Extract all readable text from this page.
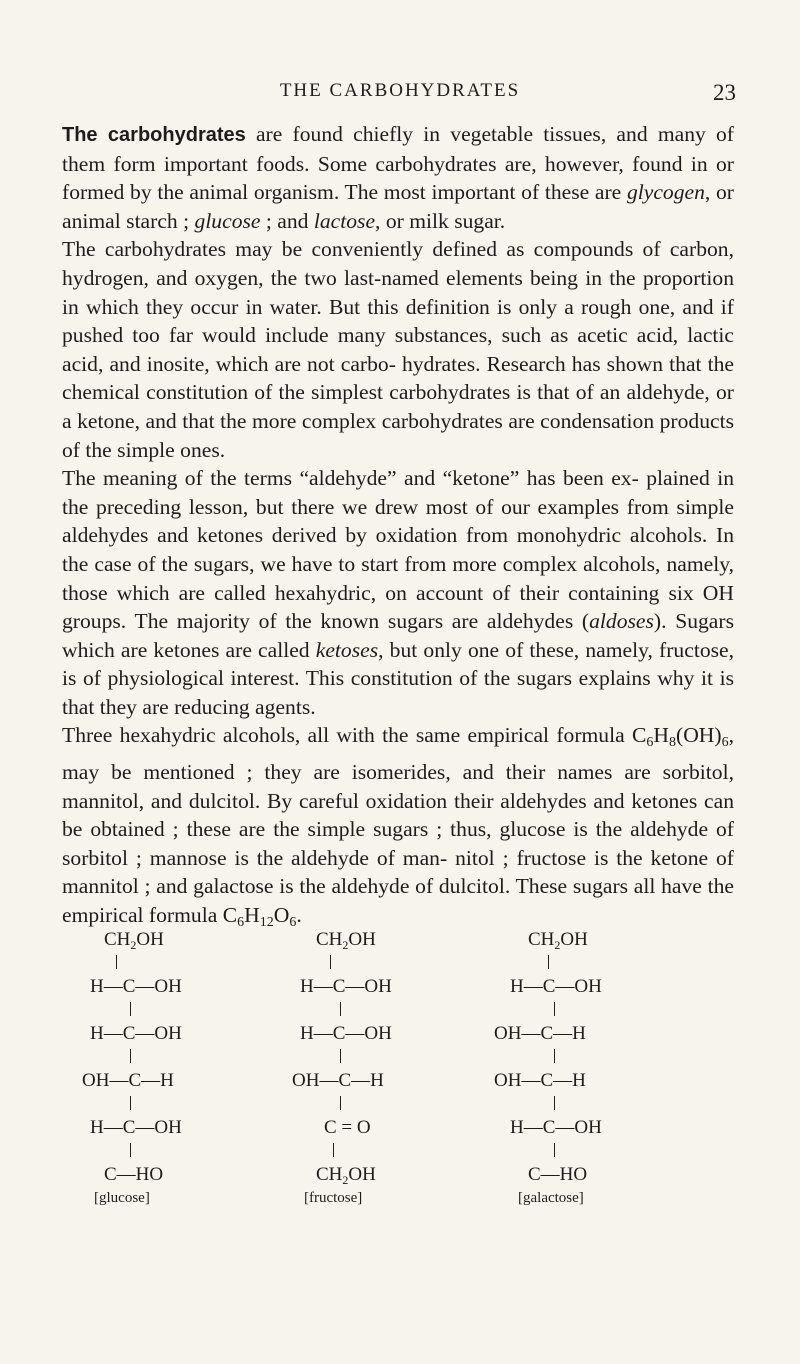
THE CARBOHYDRATES	23

The carbohydrates are found chiefly in vegetable tissues, and many of them form important foods. Some carbohydrates are, however, found in or formed by the animal organism. The most important of these are glycogen, or animal starch ; glucose ; and lactose, or milk sugar.

The carbohydrates may be conveniently defined as compounds of carbon, hydrogen, and oxygen, the two last-named elements being in the proportion in which they occur in water. But this definition is only a rough one, and if pushed too far would include many substances, such as acetic acid, lactic acid, and inosite, which are not carbo- hydrates. Research has shown that the chemical constitution of the simplest carbohydrates is that of an aldehyde, or a ketone, and that the more complex carbohydrates are condensation products of the simple ones.

The meaning of the terms “aldehyde” and “ketone” has been ex- plained in the preceding lesson, but there we drew most of our examples from simple aldehydes and ketones derived by oxidation from monohydric alcohols. In the case of the sugars, we have to start from more complex alcohols, namely, those which are called hexahydric, on account of their containing six OH groups. The majority of the known sugars are aldehydes (aldoses). Sugars which are ketones are called ketoses, but only one of these, namely, fructose, is of physiological interest. This constitution of the sugars explains why it is that they are reducing agents.

Three hexahydric alcohols, all with the same empirical formula C6H8(OH)6, may be mentioned ; they are isomerides, and their names are sorbitol, mannitol, and dulcitol. By careful oxidation their aldehydes and ketones can be obtained ; these are the simple sugars ; thus, glucose is the aldehyde of sorbitol ; mannose is the aldehyde of man- nitol ; fructose is the ketone of mannitol ; and galactose is the aldehyde of dulcitol. These sugars all have the empirical formula C6H12O6.

$CH_2OH$
H—C—OH
H—C—OH
OH—C—H
H—C—OH
C—HO
[glucose]
$CH_2OH$
H—C—OH
H—C—OH
OH—C—H
C = O
$CH_2OH$
[fructose]
$CH_2OH$
H—C—OH
OH—C—H
OH—C—H
H—C—OH
C—HO
[galactose]
